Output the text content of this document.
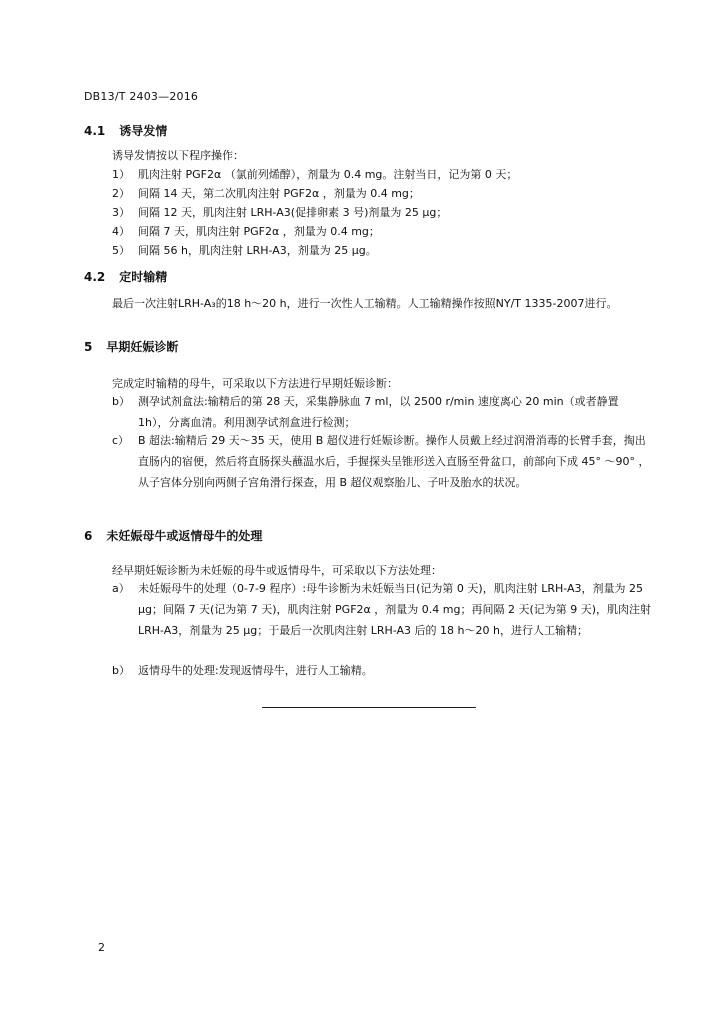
DB13/T 2403—2016
4.1 诱导发情
诱导发情按以下程序操作：
1） 肌肉注射 PGF2α （氯前列烯醇），剂量为 0.4 mg。注射当日，记为第 0 天；
2） 间隔 14 天，第二次肌肉注射 PGF2α ，剂量为 0.4 mg；
3） 间隔 12 天，肌肉注射 LRH-A3(促排卵素 3 号)剂量为 25 μg；
4） 间隔 7 天，肌肉注射 PGF2α ，剂量为 0.4 mg；
5） 间隔 56 h，肌肉注射 LRH-A3，剂量为 25 μg。
4.2 定时输精
最后一次注射LRH-A₃的18 h～20 h，进行一次性人工输精。人工输精操作按照NY/T 1335-2007进行。
5 早期妊娠诊断
完成定时输精的母牛，可采取以下方法进行早期妊娠诊断：
b） 测孕试剂盒法:输精后的第 28 天，采集静脉血 7 ml，以 2500 r/min 速度离心 20 min（或者静置 1h），分离血清。利用测孕试剂盒进行检测；
c） B 超法:输精后 29 天～35 天，使用 B 超仪进行妊娠诊断。操作人员戴上经过润滑消毒的长臂手套，掏出直肠内的宿便，然后将直肠探头蘸温水后，手握探头呈锥形送入直肠至骨盆口，前部向下成 45° ～90° ，从子宫体分别向两侧子宫角滑行探查，用 B 超仪观察胎儿、子叶及胎水的状况。
6 未妊娠母牛或返情母牛的处理
经早期妊娠诊断为未妊娠的母牛或返情母牛，可采取以下方法处理：
a） 未妊娠母牛的处理（0-7-9 程序）:母牛诊断为未妊娠当日(记为第 0 天)，肌肉注射 LRH-A3，剂量为 25 μg；间隔 7 天(记为第 7 天)，肌肉注射 PGF2α ，剂量为 0.4 mg；再间隔 2 天(记为第 9 天)，肌肉注射 LRH-A3，剂量为 25 μg；于最后一次肌肉注射 LRH-A3 后的 18 h～20 h，进行人工输精；
b） 返情母牛的处理:发现返情母牛，进行人工输精。
2
